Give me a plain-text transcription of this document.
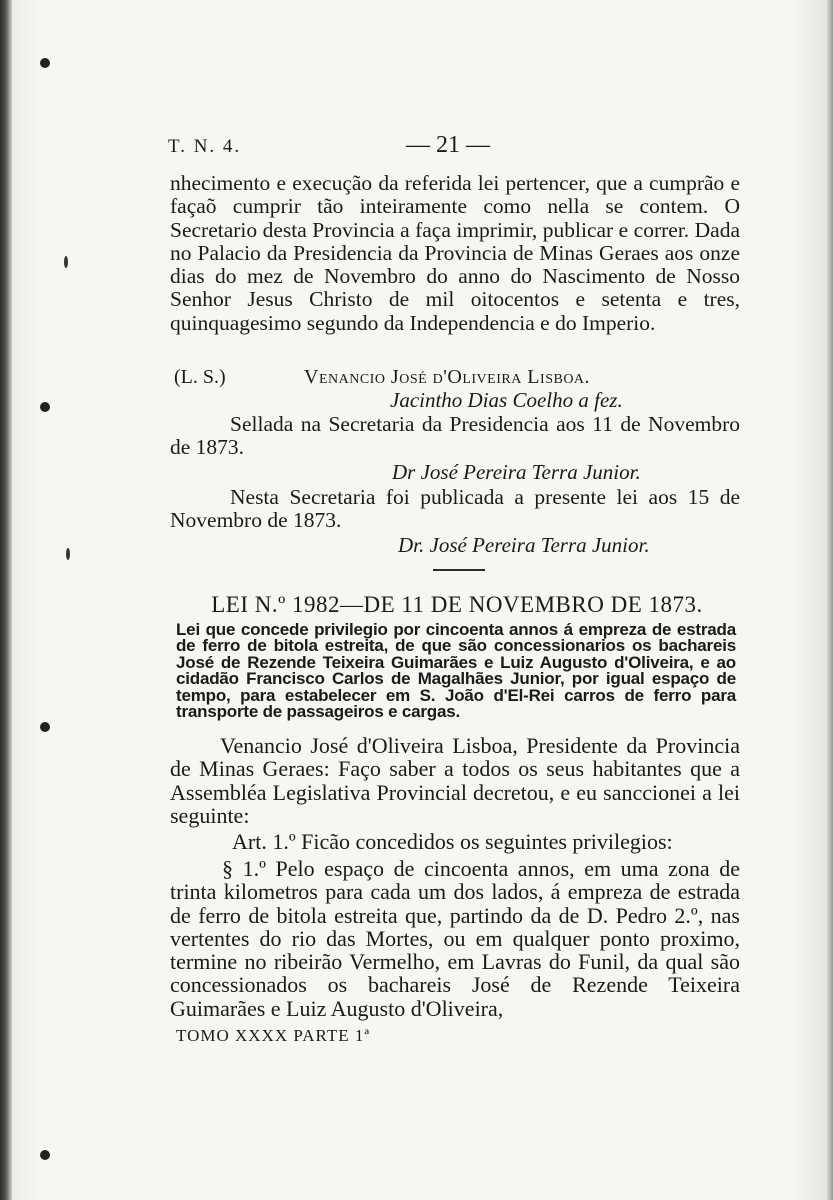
T. N. 4.	— 21 —

nhecimento e execução da referida lei pertencer, que a cumprão e façaõ cumprir tão inteiramente como nella se contem. O Secretario desta Provincia a faça imprimir, publicar e correr. Dada no Palacio da Presidencia da Provincia de Minas Geraes aos onze dias do mez de Novembro do anno do Nascimento de Nosso Senhor Jesus Christo de mil oitocentos e setenta e tres, quinquagesimo segundo da Independencia e do Imperio.

(L. S.)	Venancio José d'Oliveira Lisboa.
Jacintho Dias Coelho a fez.

Sellada na Secretaria da Presidencia aos 11 de Novembro de 1873.

Dr José Pereira Terra Junior.

Nesta Secretaria foi publicada a presente lei aos 15 de Novembro de 1873.

Dr. José Pereira Terra Junior.
LEI N.º 1982—DE 11 DE NOVEMBRO DE 1873.
Lei que concede privilegio por cincoenta annos á empreza de estrada de ferro de bitola estreita, de que são concessionarios os bachareis José de Rezende Teixeira Guimarães e Luiz Augusto d'Oliveira, e ao cidadão Francisco Carlos de Magalhães Junior, por igual espaço de tempo, para estabelecer em S. João d'El-Rei carros de ferro para transporte de passageiros e cargas.

Venancio José d'Oliveira Lisboa, Presidente da Provincia de Minas Geraes: Faço saber a todos os seus habitantes que a Assembléa Legislativa Provincial decretou, e eu sanccionei a lei seguinte:

Art. 1.º Ficão concedidos os seguintes privilegios:

§ 1.º Pelo espaço de cincoenta annos, em uma zona de trinta kilometros para cada um dos lados, á empreza de estrada de ferro de bitola estreita que, partindo da de D. Pedro 2.º, nas vertentes do rio das Mortes, ou em qualquer ponto proximo, termine no ribeirão Vermelho, em Lavras do Funil, da qual são concessionados os bachareis José de Rezende Teixeira Guimarães e Luiz Augusto d'Oliveira,

TOMO XXXX PARTE 1ª
